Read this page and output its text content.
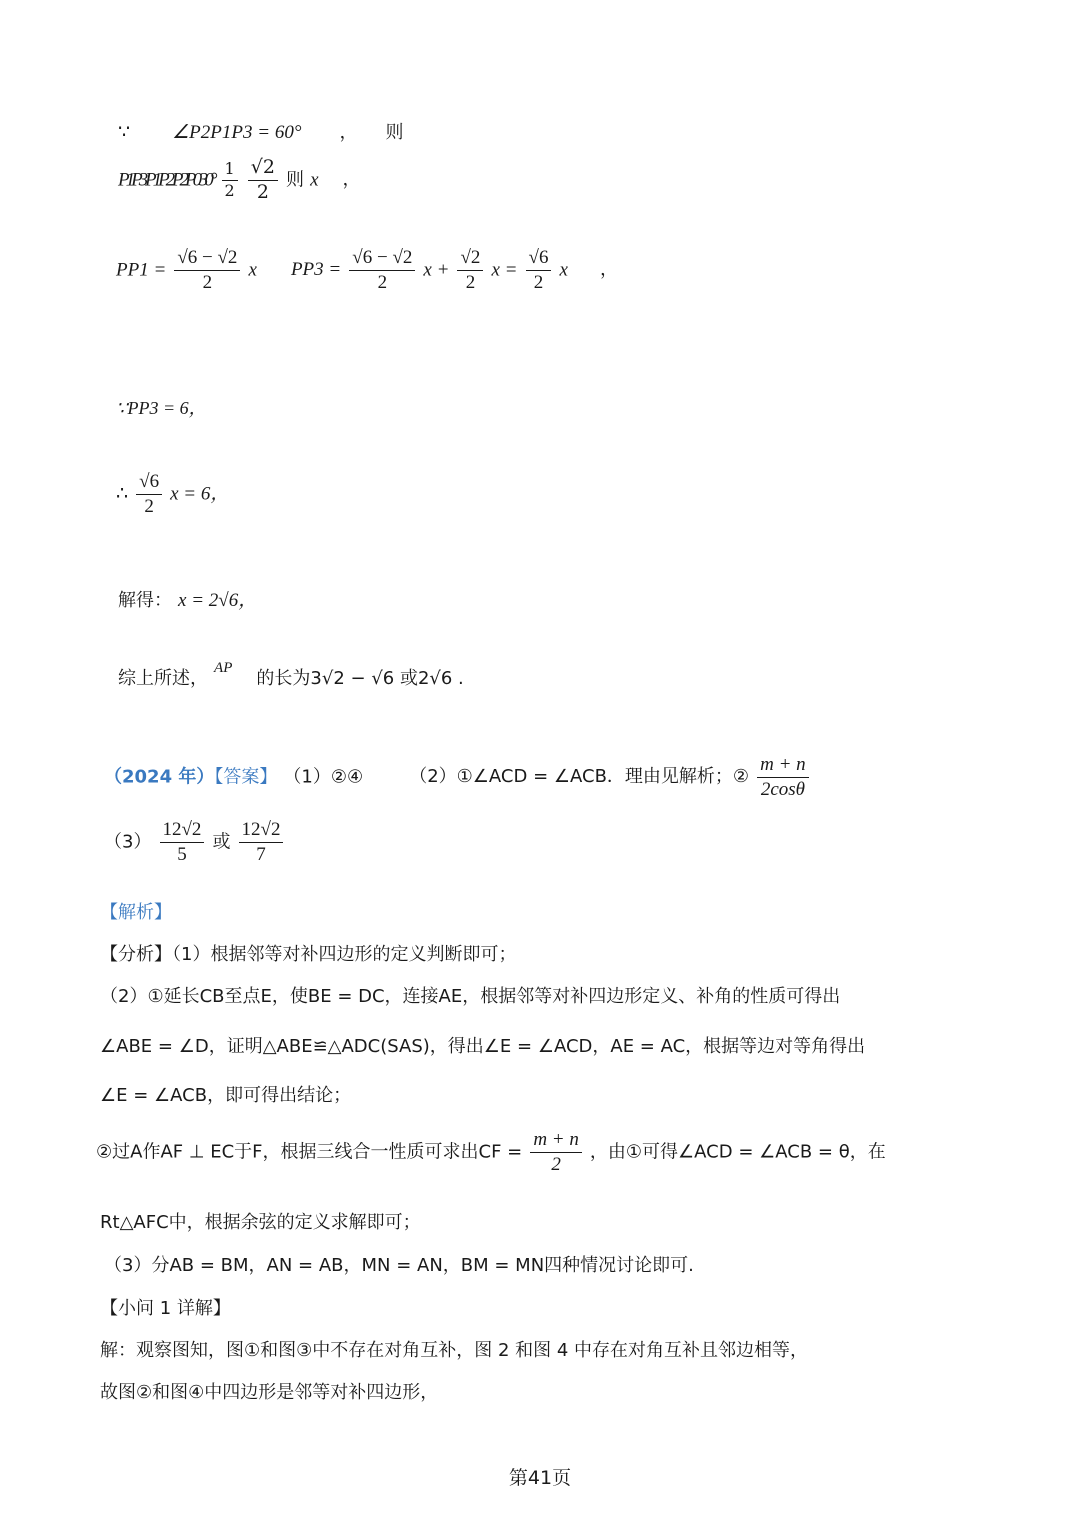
∵ ∠P2P1P3 = 60° ， 则
P1P3 P1P2 P2P0 $30^\circ \frac{1}{2}$
$\frac{√2}{2}$ 则 x ，
$PP1 = \frac{√6 - √2}{2}$ x $PP3 = \frac{√6 - √2}{2}$ $x + \frac{√2}{2}$ $x = \frac{√6}{2}$ x ，
∵PP3 = 6，
∴ $\frac{√6}{2}$ x = 6，
解得： x = 2√6，
综上所述， $^{AP}$ 的长为3√2 − √6 或2√6 .
（2024 年）【答案】 （1）②④	（2）①∠ACD = ∠ACB．理由见解析；② $\frac{m + n}{2\cos\theta}$
$(3) \frac{12√2}{5}$ 或 $\frac{12√2}{7}$
【解析】
【分析】（1）根据邻等对补四边形的定义判断即可；
（2）①延长CB至点E，使BE = DC，连接AE，根据邻等对补四边形定义、补角的性质可得出
∠ABE = ∠D，证明△ABE≌△ADC(SAS)，得出∠E = ∠ACD，AE = AC，根据等边对等角得出
∠E = ∠ACB，即可得出结论；
②过A作AF ⊥ EC于F，根据三线合一性质可求出CF = $\frac{m + n}{2}$ ，由①可得∠ACD = ∠ACB = θ，在
Rt△AFC中，根据余弦的定义求解即可；
（3）分AB = BM，AN = AB，MN = AN，BM = MN四种情况讨论即可.
【小问 1 详解】
解：观察图知，图①和图③中不存在对角互补，图 2 和图 4 中存在对角互补且邻边相等，
故图②和图④中四边形是邻等对补四边形，
第41页
